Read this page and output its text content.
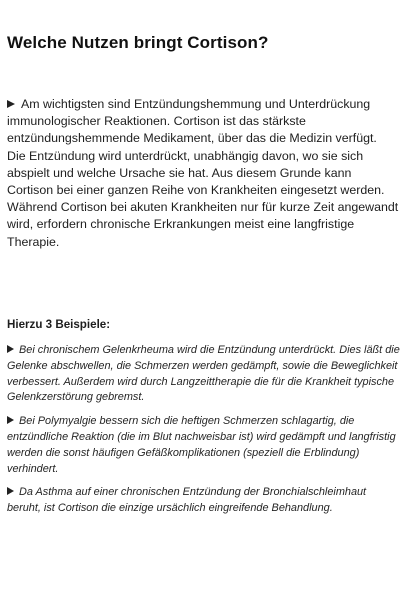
Welche Nutzen bringt Cortison?

Am wichtigsten sind Entzündungshemmung und Unterdrückung immunologischer Reaktionen. Cortison ist das stärkste entzündungshemmende Medikament, über das die Medizin verfügt.

Die Entzündung wird unterdrückt, unabhängig davon, wo sie sich abspielt und welche Ursache sie hat. Aus diesem Grunde kann Cortison bei einer ganzen Reihe von Krankheiten eingesetzt werden.

Während Cortison bei akuten Krankheiten nur für kurze Zeit angewandt wird, erfordern chronische Erkrankungen meist eine langfristige Therapie.

Hierzu 3 Beispiele:

Bei chronischem Gelenkrheuma wird die Entzündung unterdrückt. Dies läßt die Gelenke abschwellen, die Schmerzen werden gedämpft, sowie die Beweglichkeit verbessert. Außerdem wird durch Langzeittherapie die für die Krankheit typische Gelenkzerstörung gebremst.

Bei Polymyalgie bessern sich die heftigen Schmerzen schlagartig, die entzündliche Reaktion (die im Blut nachweisbar ist) wird gedämpft und langfristig werden die sonst häufigen Gefäßkomplikationen (speziell die Erblindung) verhindert.

Da Asthma auf einer chronischen Entzündung der Bronchialschleimhaut beruht, ist Cortison die einzige ursächlich eingreifende Behandlung.
